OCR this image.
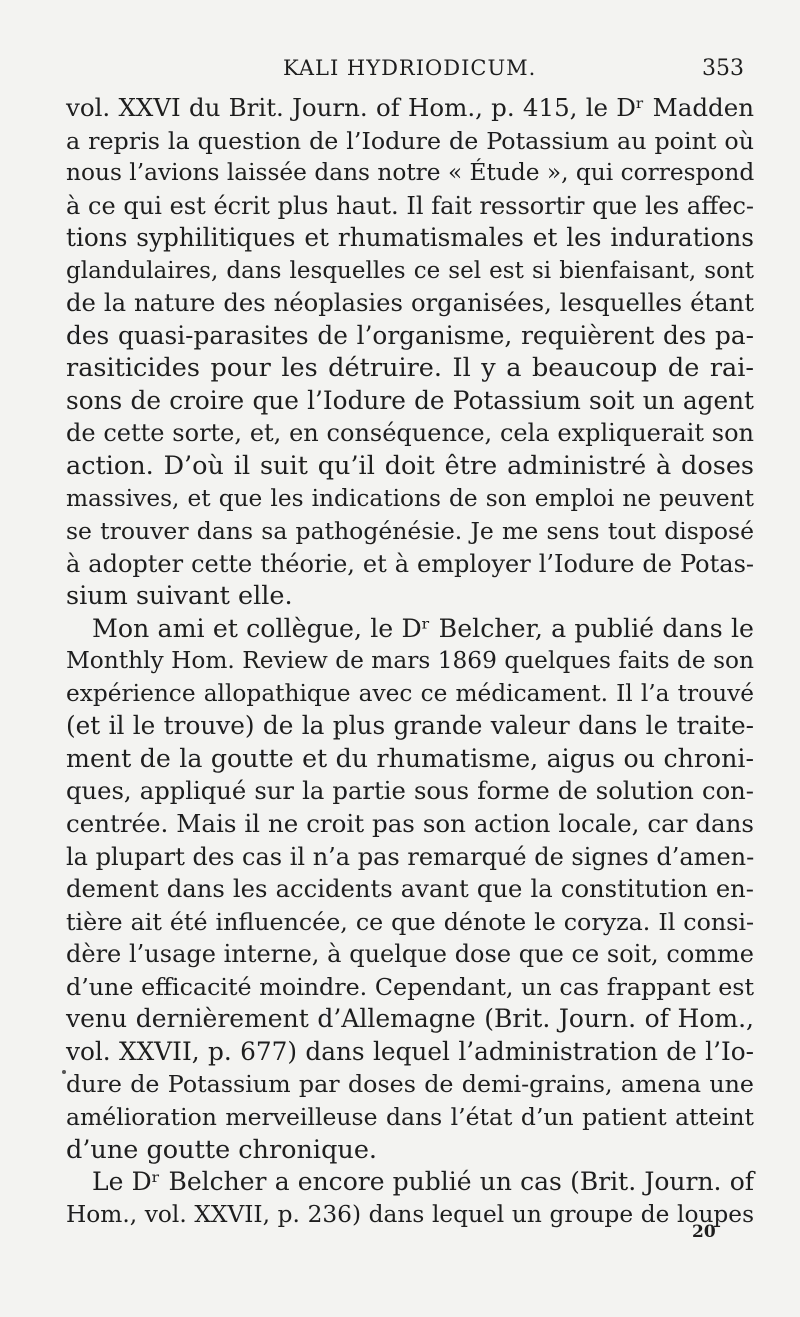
KALI HYDRIODICUM.	353
vol. XXVI du Brit. Journ. of Hom., p. 415, le Dʳ Madden
a repris la question de l’Iodure de Potassium au point où
nous l’avions laissée dans notre « Étude », qui correspond
à ce qui est écrit plus haut. Il fait ressortir que les affec-
tions syphilitiques et rhumatismales et les indurations
glandulaires, dans lesquelles ce sel est si bienfaisant, sont
de la nature des néoplasies organisées, lesquelles étant
des quasi-parasites de l’organisme, requièrent des pa-
rasiticides pour les détruire. Il y a beaucoup de rai-
sons de croire que l’Iodure de Potassium soit un agent
de cette sorte, et, en conséquence, cela expliquerait son
action. D’où il suit qu’il doit être administré à doses
massives, et que les indications de son emploi ne peuvent
se trouver dans sa pathogénésie. Je me sens tout disposé
à adopter cette théorie, et à employer l’Iodure de Potas-
sium suivant elle.
Mon ami et collègue, le Dʳ Belcher, a publié dans le
Monthly Hom. Review de mars 1869 quelques faits de son
expérience allopathique avec ce médicament. Il l’a trouvé
(et il le trouve) de la plus grande valeur dans le traite-
ment de la goutte et du rhumatisme, aigus ou chroni-
ques, appliqué sur la partie sous forme de solution con-
centrée. Mais il ne croit pas son action locale, car dans
la plupart des cas il n’a pas remarqué de signes d’amen-
dement dans les accidents avant que la constitution en-
tière ait été influencée, ce que dénote le coryza. Il consi-
dère l’usage interne, à quelque dose que ce soit, comme
d’une efficacité moindre. Cependant, un cas frappant est
venu dernièrement d’Allemagne (Brit. Journ. of Hom.,
vol. XXVII, p. 677) dans lequel l’administration de l’Io-
dure de Potassium par doses de demi-grains, amena une
amélioration merveilleuse dans l’état d’un patient atteint
d’une goutte chronique.
Le Dʳ Belcher a encore publié un cas (Brit. Journ. of
Hom., vol. XXVII, p. 236) dans lequel un groupe de loupes
20
